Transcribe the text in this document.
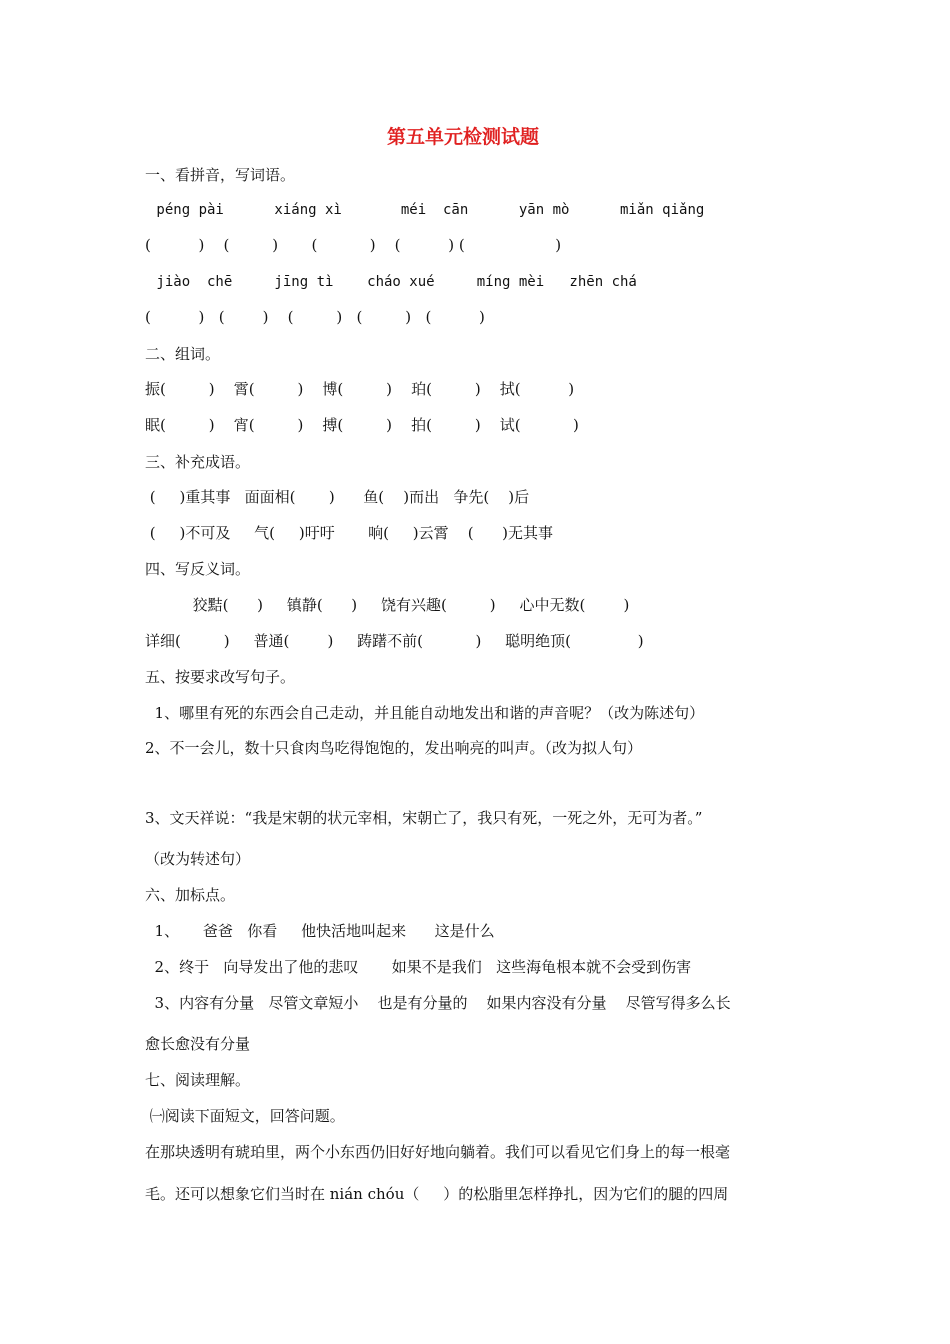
第五单元检测试题
一、看拼音，写词语。
péng pài      xiáng xì       méi  cān      yān mò      miǎn qiǎng
(          )    (         )       (           )    (          ) (                   )
jiào  chē     jīng tì    cháo xué     míng mèi   zhēn chá
(          )   (        )    (         )   (         )   (          )
二、组词。
振(         )    霄(         )    博(         )    珀(         )    拭(          )
眠(         )    宵(         )    搏(         )    拍(         )    试(           )
三、补充成语。
(     )重其事   面面相(       )      鱼(    )而出   争先(    )后
(     )不可及     气(     )吁吁       响(     )云霄    (      )无其事
四、写反义词。
狡黠(      )     镇静(      )     饶有兴趣(         )     心中无数(        )
详细(         )     普通(        )     踌躇不前(           )     聪明绝顶(              )
五、按要求改写句子。
1、哪里有死的东西会自己走动，并且能自动地发出和谐的声音呢？（改为陈述句）
2、不一会儿，数十只食肉鸟吃得饱饱的，发出响亮的叫声。（改为拟人句）
3、文天祥说：“我是宋朝的状元宰相，宋朝亡了，我只有死，一死之外，无可为者。”
（改为转述句）
六、加标点。
1、     爸爸   你看     他快活地叫起来      这是什么
2、终于   向导发出了他的悲叹       如果不是我们   这些海龟根本就不会受到伤害
3、内容有分量   尽管文章短小    也是有分量的    如果内容没有分量    尽管写得多么长
愈长愈没有分量
七、阅读理解。
㈠阅读下面短文，回答问题。
在那块透明有琥珀里，两个小东西仍旧好好地向躺着。我们可以看见它们身上的每一根毫
毛。还可以想象它们当时在 nián chóu（     ）的松脂里怎样挣扎，因为它们的腿的四周
